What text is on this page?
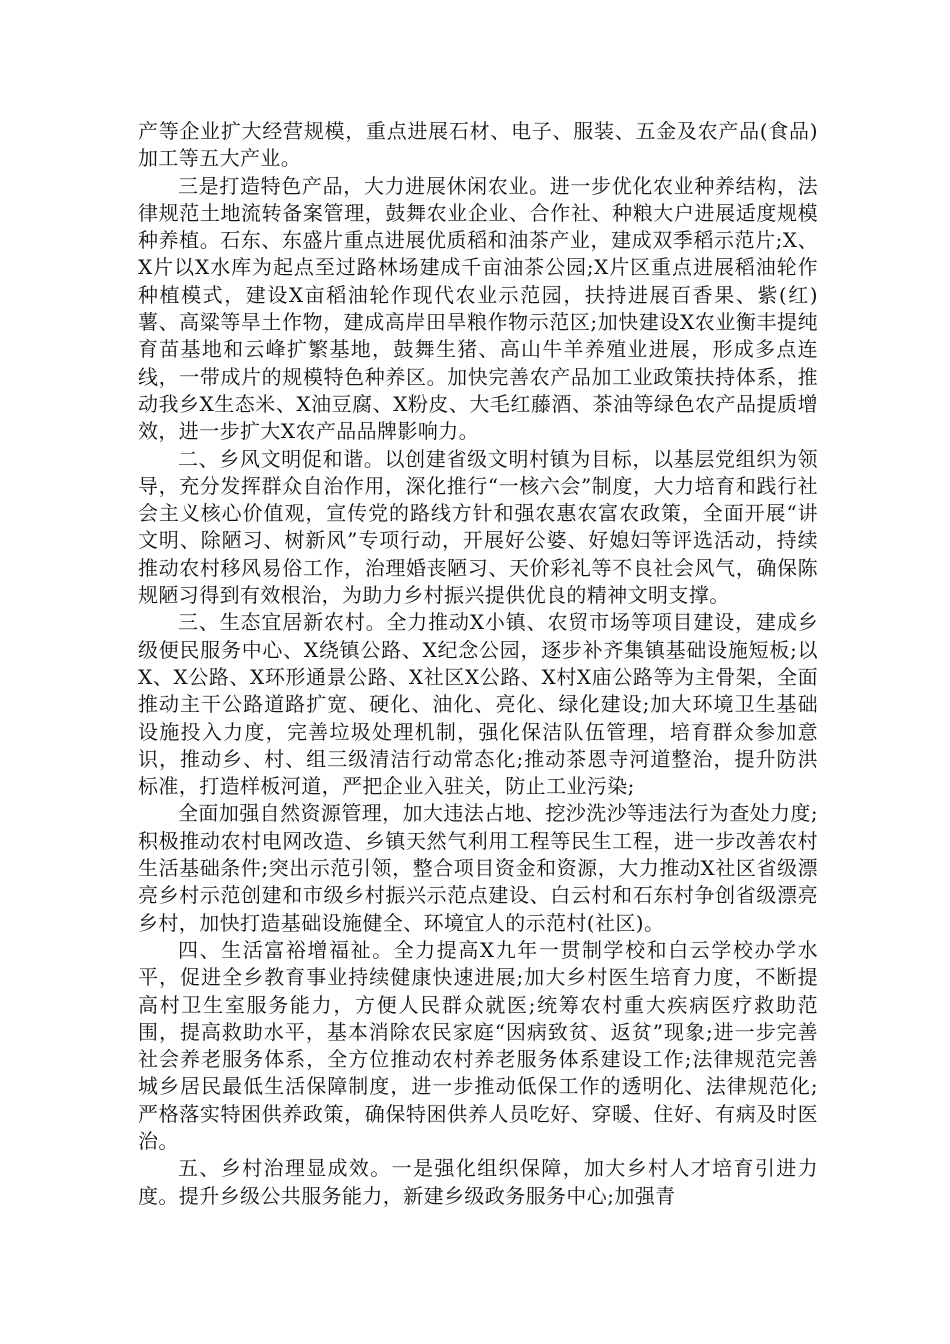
产等企业扩大经营规模，重点进展石材、电子、服装、五金及农产品(食品)加工等五大产业。

三是打造特色产品，大力进展休闲农业。进一步优化农业种养结构，法律规范土地流转备案管理，鼓舞农业企业、合作社、种粮大户进展适度规模种养植。石东、东盛片重点进展优质稻和油茶产业，建成双季稻示范片;X、X片以X水库为起点至过路林场建成千亩油茶公园;X片区重点进展稻油轮作种植模式，建设X亩稻油轮作现代农业示范园，扶持进展百香果、紫(红)薯、高粱等旱土作物，建成高岸田旱粮作物示范区;加快建设X农业衡丰提纯育苗基地和云峰扩繁基地，鼓舞生猪、高山牛羊养殖业进展，形成多点连线，一带成片的规模特色种养区。加快完善农产品加工业政策扶持体系，推动我乡X生态米、X油豆腐、X粉皮、大毛红藤酒、茶油等绿色农产品提质增效，进一步扩大X农产品品牌影响力。

二、乡风文明促和谐。以创建省级文明村镇为目标，以基层党组织为领导，充分发挥群众自治作用，深化推行“一核六会”制度，大力培育和践行社会主义核心价值观，宣传党的路线方针和强农惠农富农政策，全面开展“讲文明、除陋习、树新风”专项行动，开展好公婆、好媳妇等评选活动，持续推动农村移风易俗工作，治理婚丧陋习、天价彩礼等不良社会风气，确保陈规陋习得到有效根治，为助力乡村振兴提供优良的精神文明支撑。

三、生态宜居新农村。全力推动X小镇、农贸市场等项目建设，建成乡级便民服务中心、X绕镇公路、X纪念公园，逐步补齐集镇基础设施短板;以X、X公路、X环形通景公路、X社区X公路、X村X庙公路等为主骨架，全面推动主干公路道路扩宽、硬化、油化、亮化、绿化建设;加大环境卫生基础设施投入力度，完善垃圾处理机制，强化保洁队伍管理，培育群众参加意识，推动乡、村、组三级清洁行动常态化;推动茶恩寺河道整治，提升防洪标准，打造样板河道，严把企业入驻关，防止工业污染;

全面加强自然资源管理，加大违法占地、挖沙洗沙等违法行为查处力度;积极推动农村电网改造、乡镇天然气利用工程等民生工程，进一步改善农村生活基础条件;突出示范引领，整合项目资金和资源，大力推动X社区省级漂亮乡村示范创建和市级乡村振兴示范点建设、白云村和石东村争创省级漂亮乡村，加快打造基础设施健全、环境宜人的示范村(社区)。

四、生活富裕增福祉。全力提高X九年一贯制学校和白云学校办学水平，促进全乡教育事业持续健康快速进展;加大乡村医生培育力度，不断提高村卫生室服务能力，方便人民群众就医;统筹农村重大疾病医疗救助范围，提高救助水平，基本消除农民家庭“因病致贫、返贫”现象;进一步完善社会养老服务体系，全方位推动农村养老服务体系建设工作;法律规范完善城乡居民最低生活保障制度，进一步推动低保工作的透明化、法律规范化;严格落实特困供养政策，确保特困供养人员吃好、穿暖、住好、有病及时医治。

五、乡村治理显成效。一是强化组织保障，加大乡村人才培育引进力度。提升乡级公共服务能力，新建乡级政务服务中心;加强青
